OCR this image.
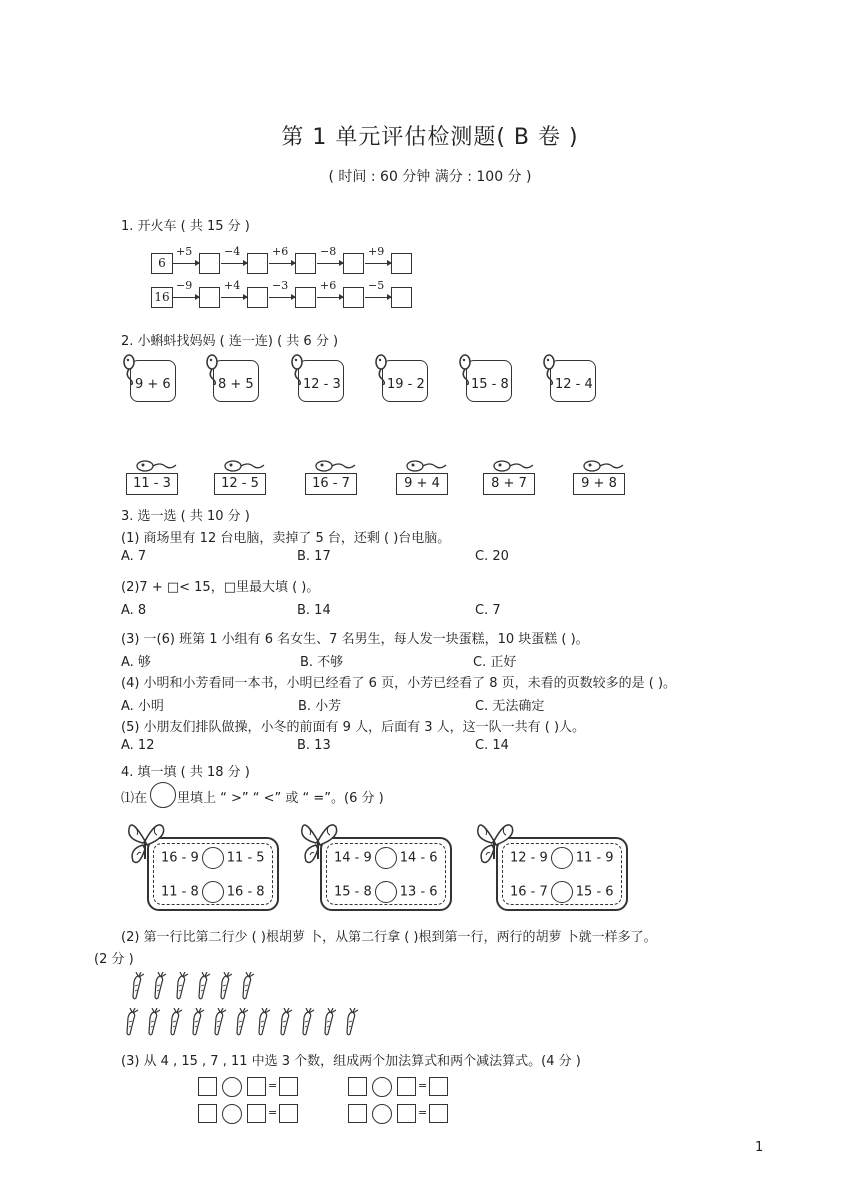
第 1 单元评估检测题( B 卷 )
( 时间 : 60 分钟 满分 : 100 分 )
1. 开火车 ( 共 15 分 )
6
+5	−4	+6	−8	+9
16
−9	+4	−3	+6	−5
2. 小蝌蚪找妈妈 ( 连一连) ( 共 6 分 )
9 + 6	8 + 5	12 - 3	19 - 2	15 - 8	12 - 4
11 - 3	12 - 5	16 - 7	9 + 4	8 + 7	9 + 8
3. 选一选 ( 共 10 分 )
(1) 商场里有 12 台电脑，卖掉了 5 台，还剩 ( )台电脑。
A. 7	B. 17	C. 20
(2)7 + □< 15，□里最大填 ( )。
A. 8	B. 14	C. 7
(3) 一(6) 班第 1 小组有 6 名女生、7 名男生，每人发一块蛋糕，10 块蛋糕 ( )。
A. 够	B. 不够	C. 正好
(4) 小明和小芳看同一本书，小明已经看了 6 页，小芳已经看了 8 页，未看的页数较多的是 ( )。
A. 小明	B. 小芳	C. 无法确定
(5) 小朋友们排队做操，小冬的前面有 9 人，后面有 3 人，这一队一共有 ( )人。
A. 12	B. 13	C. 14
4. 填一填 ( 共 18 分 )
⑴在 里填上 “ >” “ <” 或 “ =”。(6 分 )
16 - 9 11 - 5
11 - 8 16 - 8
14 - 9 14 - 6
15 - 8 13 - 6
12 - 9 11 - 9
16 - 7 15 - 6
(2) 第一行比第二行少 ( )根胡萝 卜，从第二行拿 ( )根到第一行，两行的胡萝 卜就一样多了。
(2 分 )
(3) 从 4 , 15 , 7 , 11 中选 3 个数，组成两个加法算式和两个减法算式。(4 分 )
=
=
=
=
1
